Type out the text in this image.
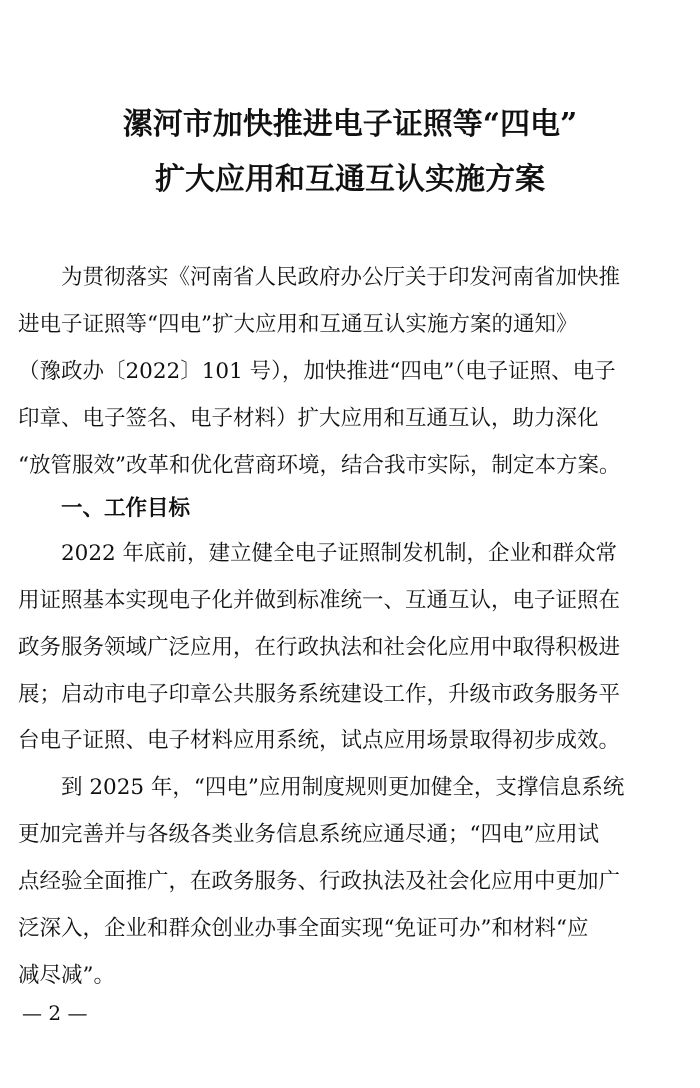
漯河市加快推进电子证照等“四电”
扩大应用和互通互认实施方案
为贯彻落实《河南省人民政府办公厅关于印发河南省加快推
进电子证照等“四电”扩大应用和互通互认实施方案的通知》
（豫政办〔2022〕101 号），加快推进“四电”（电子证照、电子
印章、电子签名、电子材料）扩大应用和互通互认，助力深化
“放管服效”改革和优化营商环境，结合我市实际，制定本方案。
一、工作目标
2022 年底前，建立健全电子证照制发机制，企业和群众常
用证照基本实现电子化并做到标准统一、互通互认，电子证照在
政务服务领域广泛应用，在行政执法和社会化应用中取得积极进
展；启动市电子印章公共服务系统建设工作，升级市政务服务平
台电子证照、电子材料应用系统，试点应用场景取得初步成效。
到 2025 年，“四电”应用制度规则更加健全，支撑信息系统
更加完善并与各级各类业务信息系统应通尽通；“四电”应用试
点经验全面推广，在政务服务、行政执法及社会化应用中更加广
泛深入，企业和群众创业办事全面实现“免证可办”和材料“应
减尽减”。
— 2 —
